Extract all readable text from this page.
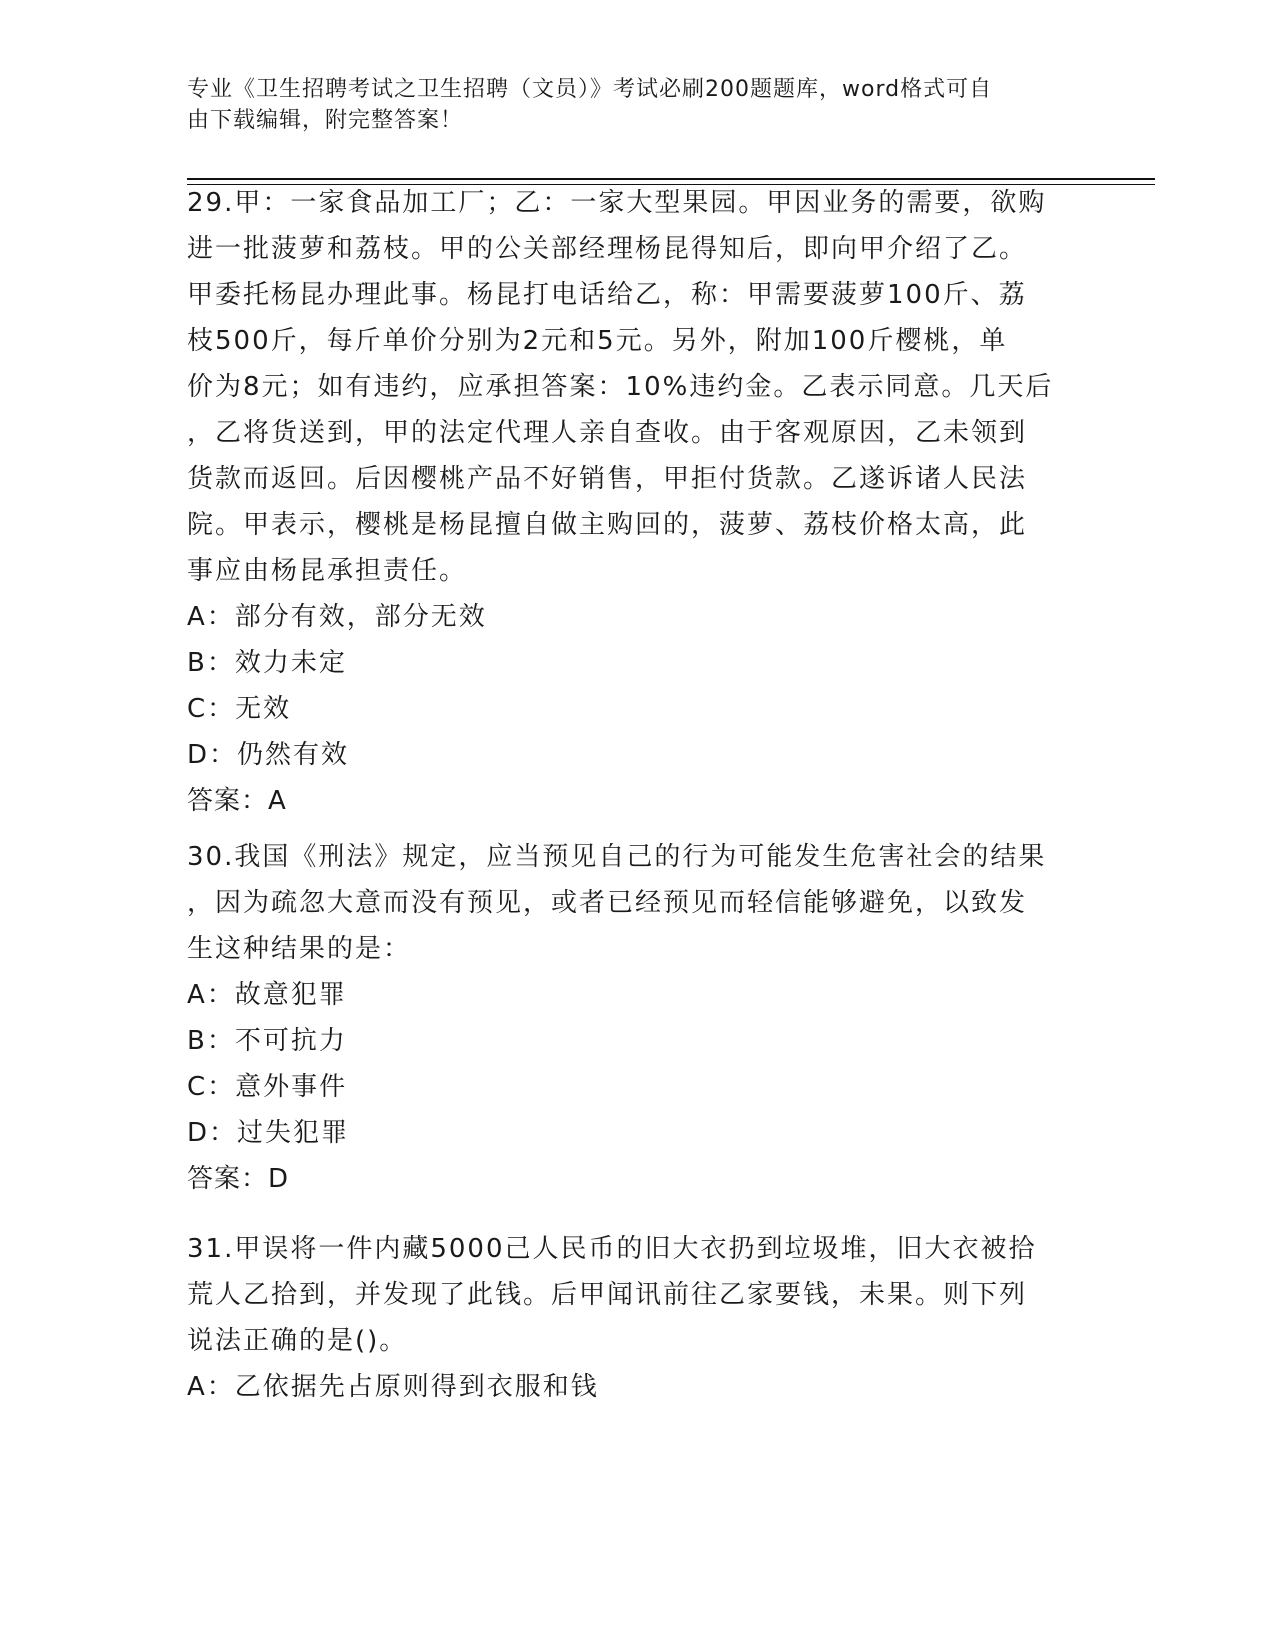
专业《卫生招聘考试之卫生招聘（文员）》考试必刷200题题库，word格式可自
由下载编辑，附完整答案！
29.甲：一家食品加工厂；乙：一家大型果园。甲因业务的需要，欲购
进一批菠萝和荔枝。甲的公关部经理杨昆得知后，即向甲介绍了乙。
甲委托杨昆办理此事。杨昆打电话给乙，称：甲需要菠萝100斤、荔
枝500斤，每斤单价分别为2元和5元。另外，附加100斤樱桃，单
价为8元；如有违约，应承担答案：10%违约金。乙表示同意。几天后
，乙将货送到，甲的法定代理人亲自查收。由于客观原因，乙未领到
货款而返回。后因樱桃产品不好销售，甲拒付货款。乙遂诉诸人民法
院。甲表示，樱桃是杨昆擅自做主购回的，菠萝、荔枝价格太高，此
事应由杨昆承担责任。
A：部分有效，部分无效
B：效力未定
C：无效
D：仍然有效
答案：A
30.我国《刑法》规定，应当预见自己的行为可能发生危害社会的结果
，因为疏忽大意而没有预见，或者已经预见而轻信能够避免，以致发
生这种结果的是：
A：故意犯罪
B：不可抗力
C：意外事件
D：过失犯罪
答案：D
31.甲误将一件内藏5000己人民币的旧大衣扔到垃圾堆，旧大衣被拾
荒人乙拾到，并发现了此钱。后甲闻讯前往乙家要钱，未果。则下列
说法正确的是()。
A：乙依据先占原则得到衣服和钱
